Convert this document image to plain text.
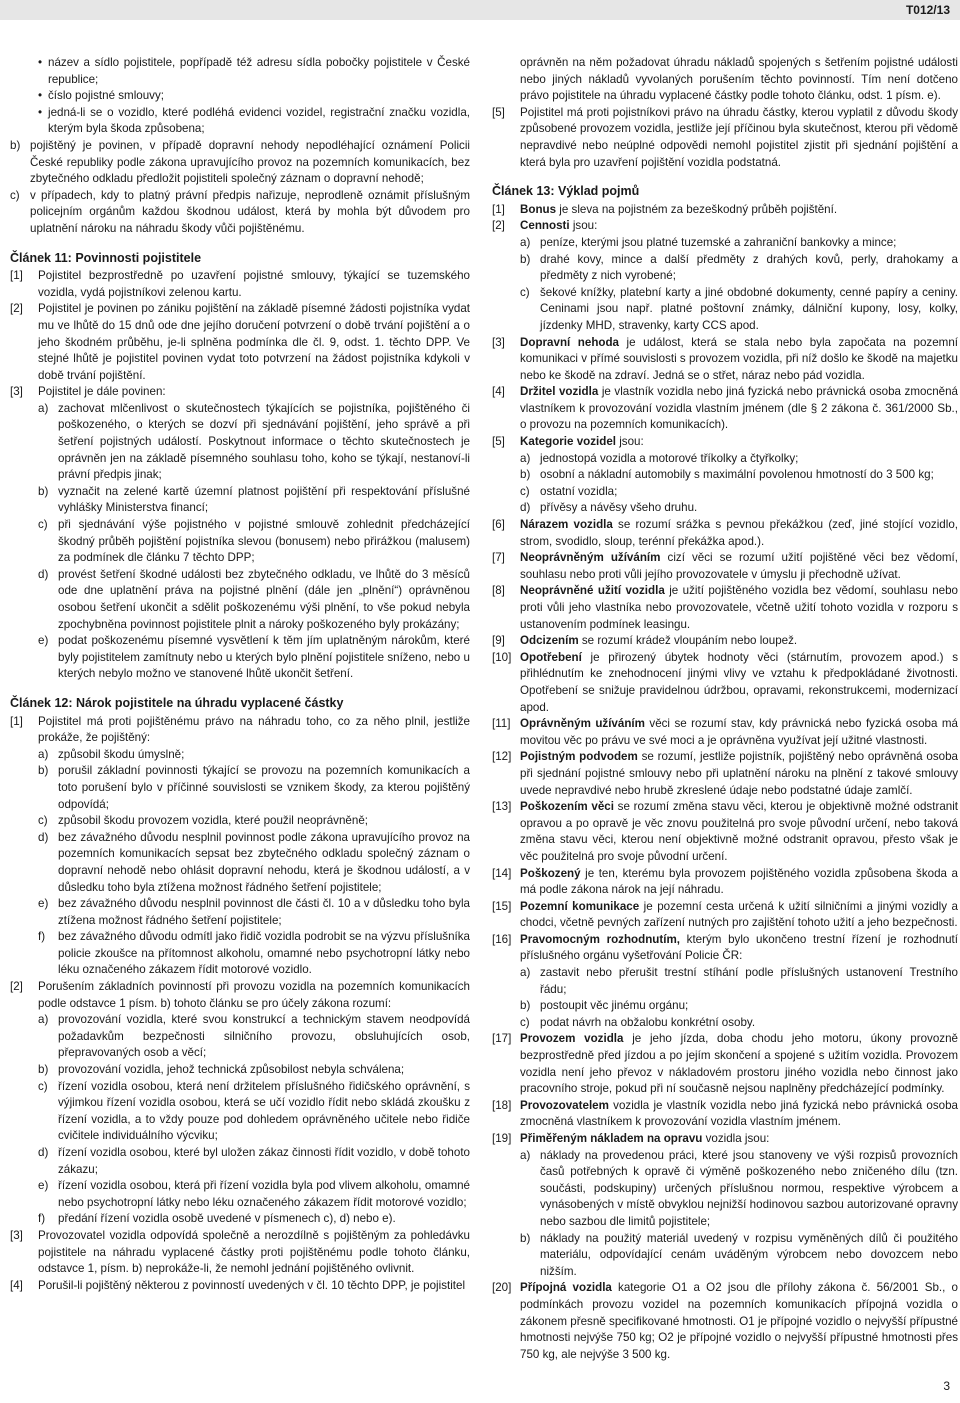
T012/13
• název a sídlo pojistitele, popřípadě též adresu sídla pobočky pojistitele v České republice;
• číslo pojistné smlouvy;
• jedná-li se o vozidlo, které podléhá evidenci vozidel, registrační značku vozidla, kterým byla škoda způsobena;
b) pojištěný je povinen, v případě dopravní nehody nepodléhající oznámení Policii České republiky podle zákona upravujícího provoz na pozemních komunikacích, bez zbytečného odkladu předložit pojistiteli společný záznam o dopravní nehodě;
c) v případech, kdy to platný právní předpis nařizuje, neprodleně oznámit příslušným policejním orgánům každou škodnou událost, která by mohla být důvodem pro uplatnění nároku na náhradu škody vůči pojištěnému.
Článek 11: Povinnosti pojistitele
[1]	Pojistitel bezprostředně po uzavření pojistné smlouvy, týkající se tuzemského vozidla, vydá pojistníkovi zelenou kartu.
[2]	Pojistitel je povinen po zániku pojištění na základě písemné žádosti pojistníka vydat mu ve lhůtě do 15 dnů ode dne jejího doručení potvrzení o době trvání pojištění a o jeho škodném průběhu, je-li splněna podmínka dle čl. 9, odst. 1. těchto DPP. Ve stejné lhůtě je pojistitel povinen vydat toto potvrzení na žádost pojistníka kdykoli v době trvání pojištění.
[3]	Pojistitel je dále povinen:
a) zachovat mlčenlivost o skutečnostech týkajících se pojistníka, pojištěného či poškozeného, o kterých se dozví při sjednávání pojištění, jeho správě a při šetření pojistných událostí. Poskytnout informace o těchto skutečnostech je oprávněn jen na základě písemného souhlasu toho, koho se týkají, nestanoví-li právní předpis jinak;
b) vyznačit na zelené kartě územní platnost pojištění při respektování příslušné vyhlášky Ministerstva financí;
c) při sjednávání výše pojistného v pojistné smlouvě zohlednit předcházející škodný průběh pojištění pojistníka slevou (bonusem) nebo přirážkou (malusem) za podmínek dle článku 7 těchto DPP;
d) provést šetření škodné události bez zbytečného odkladu, ve lhůtě do 3 měsíců ode dne uplatnění práva na pojistné plnění (dále jen „plnění“) oprávněnou osobou šetření ukončit a sdělit poškozenému výši plnění, to vše pokud nebyla zpochybněna povinnost pojistitele plnit a nároky poškozeného byly prokázány;
e) podat poškozenému písemné vysvětlení k těm jím uplatněným nárokům, které byly pojistitelem zamítnuty nebo u kterých bylo plnění pojistitele sníženo, nebo u kterých nebylo možno ve stanovené lhůtě ukončit šetření.
Článek 12: Nárok pojistitele na úhradu vyplacené částky
[1]	Pojistitel má proti pojištěnému právo na náhradu toho, co za něho plnil, jestliže prokáže, že pojištěný:
a) způsobil škodu úmyslně;
b) porušil základní povinnosti týkající se provozu na pozemních komunikacích a toto porušení bylo v příčinné souvislosti se vznikem škody, za kterou pojištěný odpovídá;
c) způsobil škodu provozem vozidla, které použil neoprávněně;
d) bez závažného důvodu nesplnil povinnost podle zákona upravujícího provoz na pozemních komunikacích sepsat bez zbytečného odkladu společný záznam o dopravní nehodě nebo ohlásit dopravní nehodu, která je škodnou událostí, a v důsledku toho byla ztížena možnost řádného šetření pojistitele;
e) bez závažného důvodu nesplnil povinnost dle části čl. 10 a v důsledku toho byla ztížena možnost řádného šetření pojistitele;
f)	bez závažného důvodu odmítl jako řidič vozidla podrobit se na výzvu příslušníka policie zkoušce na přítomnost alkoholu, omamné nebo psychotropní látky nebo léku označeného zákazem řídit motorové vozidlo.
[2]	Porušením základních povinností při provozu vozidla na pozemních komunikacích podle odstavce 1 písm. b) tohoto článku se pro účely zákona rozumí:
a) provozování vozidla, které svou konstrukcí a technickým stavem neodpovídá požadavkům bezpečnosti silničního provozu, obsluhujících osob, přepravovaných osob a věcí;
b) provozování vozidla, jehož technická způsobilost nebyla schválena;
c) řízení vozidla osobou, která není držitelem příslušného řidičského oprávnění, s výjimkou řízení vozidla osobou, která se učí vozidlo řídit nebo skládá zkoušku z řízení vozidla, a to vždy pouze pod dohledem oprávněného učitele nebo řidiče cvičitele individuálního výcviku;
d) řízení vozidla osobou, které byl uložen zákaz činnosti řídit vozidlo, v době tohoto zákazu;
e) řízení vozidla osobou, která při řízení vozidla byla pod vlivem alkoholu, omamné nebo psychotropní látky nebo léku označeného zákazem řídit motorové vozidlo;
f)	předání řízení vozidla osobě uvedené v písmenech c), d) nebo e).
[3]	Provozovatel vozidla odpovídá společně a nerozdílně s pojištěným za pohledávku pojistitele na náhradu vyplacené částky proti pojištěnému podle tohoto článku, odstavce 1, písm. b) neprokáže-li, že nemohl jednání pojištěného ovlivnit.
[4]	Porušil-li pojištěný některou z povinností uvedených v čl. 10 těchto DPP, je pojistitel
oprávněn na něm požadovat úhradu nákladů spojených s šetřením pojistné události nebo jiných nákladů vyvolaných porušením těchto povinností. Tím není dotčeno právo pojistitele na úhradu vyplacené částky podle tohoto článku, odst. 1 písm. e).
[5]	Pojistitel má proti pojistníkovi právo na úhradu částky, kterou vyplatil z důvodu škody způsobené provozem vozidla, jestliže její příčinou byla skutečnost, kterou při vědomě nepravdivé nebo neúplné odpovědi nemohl pojistitel zjistit při sjednání pojištění a která byla pro uzavření pojištění vozidla podstatná.
Článek 13: Výklad pojmů
[1]	Bonus je sleva na pojistném za bezeškodný průběh pojištění.
[2]	Cennosti jsou:
a) peníze, kterými jsou platné tuzemské a zahraniční bankovky a mince;
b) drahé kovy, mince a další předměty z drahých kovů, perly, drahokamy a předměty z nich vyrobené;
c) šekové knížky, platební karty a jiné obdobné dokumenty, cenné papíry a ceniny. Ceninami jsou např. platné poštovní známky, dálniční kupony, losy, kolky, jízdenky MHD, stravenky, karty CCS apod.
[3]	Dopravní nehoda je událost, která se stala nebo byla započata na pozemní komunikaci v přímé souvislosti s provozem vozidla, při níž došlo ke škodě na majetku nebo ke škodě na zdraví. Jedná se o střet, náraz nebo pád vozidla.
[4]	Držitel vozidla je vlastník vozidla nebo jiná fyzická nebo právnická osoba zmocněná vlastníkem k provozování vozidla vlastním jménem (dle § 2 zákona č. 361/2000 Sb., o provozu na pozemních komunikacích).
[5]	Kategorie vozidel jsou:
a) jednostopá vozidla a motorové tříkolky a čtyřkolky;
b) osobní a nákladní automobily s maximální povolenou hmotností do 3 500 kg;
c) ostatní vozidla;
d) přívěsy a návěsy všeho druhu.
[6]	Nárazem vozidla se rozumí srážka s pevnou překážkou (zeď, jiné stojící vozidlo, strom, svodidlo, sloup, terénní překážka apod.).
[7]	Neoprávněným užíváním cizí věci se rozumí užití pojištěné věci bez vědomí, souhlasu nebo proti vůli jejího provozovatele v úmyslu ji přechodně užívat.
[8]	Neoprávněné užití vozidla je užití pojištěného vozidla bez vědomí, souhlasu nebo proti vůli jeho vlastníka nebo provozovatele, včetně užití tohoto vozidla v rozporu s ustanovením podmínek leasingu.
[9]	Odcizením se rozumí krádež vloupáním nebo loupež.
[10] Opotřebení je přirozený úbytek hodnoty věci (stárnutím, provozem apod.) s přihlédnutím ke znehodnocení jinými vlivy ve vztahu k předpokládané životnosti. Opotřebení se snižuje pravidelnou údržbou, opravami, rekonstrukcemi, modernizací apod.
[11] Oprávněným užíváním věci se rozumí stav, kdy právnická nebo fyzická osoba má movitou věc po právu ve své moci a je oprávněna využívat její užitné vlastnosti.
[12] Pojistným podvodem se rozumí, jestliže pojistník, pojištěný nebo oprávněná osoba při sjednání pojistné smlouvy nebo při uplatnění nároku na plnění z takové smlouvy uvede nepravdivé nebo hrubě zkreslené údaje nebo podstatné údaje zamlčí.
[13] Poškozením věci se rozumí změna stavu věci, kterou je objektivně možné odstranit opravou a po opravě je věc znovu použitelná pro svoje původní určení, nebo taková změna stavu věci, kterou není objektivně možné odstranit opravou, přesto však je věc použitelná pro svoje původní určení.
[14] Poškozený je ten, kterému byla provozem pojištěného vozidla způsobena škoda a má podle zákona nárok na její náhradu.
[15] Pozemní komunikace je pozemní cesta určená k užití silničními a jinými vozidly a chodci, včetně pevných zařízení nutných pro zajištění tohoto užití a jeho bezpečnosti.
[16] Pravomocným rozhodnutím, kterým bylo ukončeno trestní řízení je rozhodnutí příslušného orgánu vyšetřování Policie ČR:
a) zastavit nebo přerušit trestní stíhání podle příslušných ustanovení Trestního řádu;
b) postoupit věc jinému orgánu;
c) podat návrh na obžalobu konkrétní osoby.
[17] Provozem vozidla je jeho jízda, doba chodu jeho motoru, úkony provozně bezprostředně před jízdou a po jejím skončení a spojené s užitím vozidla. Provozem vozidla není jeho převoz v nákladovém prostoru jiného vozidla nebo činnost jako pracovního stroje, pokud při ní současně nejsou naplněny předcházející podmínky.
[18] Provozovatelem vozidla je vlastník vozidla nebo jiná fyzická nebo právnická osoba zmocněná vlastníkem k provozování vozidla vlastním jménem.
[19] Přiměřeným nákladem na opravu vozidla jsou:
a) náklady na provedenou práci, které jsou stanoveny ve výši rozpisů provozních časů potřebných k opravě či výměně poškozeného nebo zničeného dílu (tzn. součásti, podskupiny) určených příslušnou normou, respektive výrobcem a vynásobených v místě obvyklou nejnižší hodinovou sazbou autorizované opravny nebo sazbou dle limitů pojistitele;
b) náklady na použitý materiál uvedený v rozpisu vyměněných dílů či použitého materiálu, odpovídající cenám uváděným výrobcem nebo dovozcem nebo nižším.
[20] Přípojná vozidla kategorie O1 a O2 jsou dle přílohy zákona č. 56/2001 Sb., o podmínkách provozu vozidel na pozemních komunikacích přípojná vozidla o zákonem přesně specifikované hmotnosti. O1 je přípojné vozidlo o nejvyšší přípustné hmotnosti nejvýše 750 kg; O2 je přípojné vozidlo o nejvyšší přípustné hmotnosti přes 750 kg, ale nejvýše 3 500 kg.
3
